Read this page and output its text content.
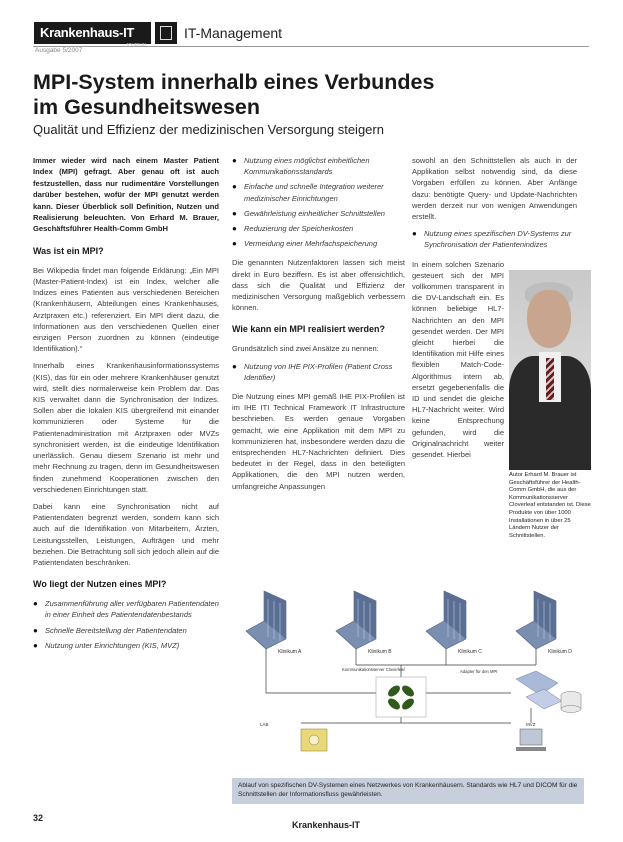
Krankenhaus-IT	IT-Management
Ausgabe 5/2007
MPI-System innerhalb eines Verbundes im Gesundheitswesen
Qualität und Effizienz der medizinischen Versorgung steigern
Immer wieder wird nach einem Master Patient Index (MPI) gefragt. Aber genau oft ist auch festzustellen, dass nur rudimentäre Vorstellungen darüber bestehen, wofür der MPI genutzt werden kann. Dieser Überblick soll Definition, Nutzen und Realisierung beleuchten. Von Erhard M. Brauer, Geschäftsführer Health-Comm GmbH
Was ist ein MPI?

Bei Wikipedia findet man folgende Erklärung: „Ein MPI (Master-Patient-Index) ist ein Index, welcher alle Indizes eines Patienten aus verschiedenen Bereichen (Krankenhäusern, Abteilungen eines Krankenhauses, Arztpraxen etc.) referenziert. Ein MPI dient dazu, die Informationen aus den verschiedenen Quellen einer einzigen Person zuordnen zu können (eindeutige Identifikation).“

Innerhalb eines Krankenhausinformationssystems (KIS), das für ein oder mehrere Krankenhäuser genutzt wird, stellt dies normalerweise kein Problem dar. Das KIS verwaltet dann die Synchronisation der Indizes. Sollen aber die lokalen KIS übergreifend mit einander kommunizieren oder Systeme für die Patientenadministration mit Arztpraxen oder MVZs synchronisiert werden, ist die eindeutige Identifikation unerlässlich. Genau diesem Szenario ist mehr und mehr Rechnung zu tragen, denn im Gesundheitswesen finden zunehmend Kooperationen zwischen den verschiedenen Einrichtungen statt.

Dabei kann eine Synchronisation nicht auf Patientendaten begrenzt werden, sondern kann sich auch auf die Identifikation von Mitarbeitern, Ärzten, Leistungsstellen, Leistungen, Aufträgen und mehr beziehen. Die Betrachtung soll sich jedoch allein auf die Patientendaten beschränken.

Wo liegt der Nutzen eines MPI?
● Zusammenführung aller verfügbaren Patientendaten in einer Einheit des Patientendatenbestands
● Schnelle Bereitstellung der Patientendaten
● Nutzung unter Einrichtungen (KIS, MVZ)
● Nutzung eines möglichst einheitlichen Kommunikationsstandards
● Einfache und schnelle Integration weiterer medizinischer Einrichtungen
● Gewährleistung einheitlicher Schnittstellen
● Reduzierung der Speicherkosten
● Vermeidung einer Mehrfachspeicherung

Die genannten Nutzenfaktoren lassen sich meist direkt in Euro beziffern. Es ist aber offensichtlich, dass sich die Qualität und Effizienz der medizinischen Versorgung maßgeblich verbessern können.

Wie kann ein MPI realisiert werden?

Grundsätzlich sind zwei Ansätze zu nennen:

● Nutzung von IHE PIX-Profilen (Patient Cross Identifier)

Die Nutzung eines MPI gemäß IHE PIX-Profilen ist im IHE ITI Technical Framework IT Infrastructure beschrieben. Es werden genaue Vorgaben gemacht, wie eine Applikation mit dem MPI zu kommunizieren hat, insbesondere werden dazu die entsprechenden HL7-Nachrichten definiert. Dies bedeutet in der Regel, dass in den beteiligten Applikationen, die den MPI nutzen werden, umfangreiche Anpassungen

sowohl an den Schnittstellen als auch in der Applikation selbst notwendig sind, da diese Vorgaben erfüllen zu können. Aber Anfänge dazu: benötigte Query- und Update-Nachrichten werden derzeit nur von wenigen Anwendungen erstellt.

● Nutzung eines spezifischen DV-Systems zur Synchronisation der Patientenindizes

In einem solchen Szenario gesteuert sich der MPI vollkommen transparent in die DV-Landschaft ein. Es können beliebige HL7-Nachrichten an den MPI gesendet werden. Der MPI gleicht hierbei die Identifikation mit Hilfe eines flexiblen Match-Code-Algorithmus intern ab, ersetzt gegebenenfalls die ID und sendet die gleiche HL7-Nachricht weiter. Wird keine Entsprechung gefunden, wird die Originalnachricht weiter gesendet. Hierbei

Autor Erhard M. Brauer ist Geschäftsführer der Health-Comm GmbH, die aus der Kommunikationsserver Cloverleaf entstanden ist. Diese Produkte von über 1000 Installationen in über 25 Ländern Nutzer der Schnittstellen.
Klinikum A	Klinikum B	Klinikum C	Klinikum D
Kommunikationsserver Cloverleaf	Adapter für den MPI
LAB	MVZ
Ablauf von spezifischen DV-Systemen eines Netzwerkes von Krankenhäusern. Standards wie HL7 und DICOM für die Schnittstellen der Informationsfluss gewährleisten.
32
Krankenhaus-IT
